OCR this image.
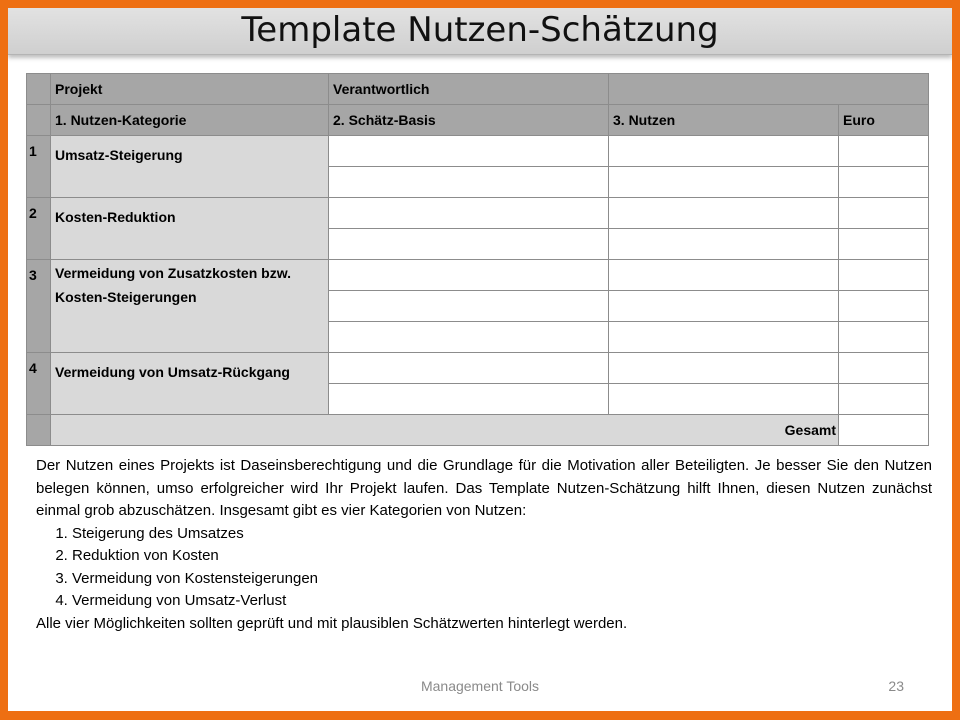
Template Nutzen-Schätzung
	Projekt	Verantwortlich		
	1. Nutzen-Kategorie	2. Schätz-Basis	3. Nutzen	Euro
1	Umsatz-Steigerung			

2	Kosten-Reduktion			

3	Vermeidung von Zusatzkosten bzw. Kosten-Steigerungen			

4	Vermeidung von Umsatz-Rückgang			

	Gesamt			

Der Nutzen eines Projekts ist Daseinsberechtigung und die Grundlage für die Motivation aller Beteiligten. Je besser Sie den Nutzen belegen können, umso erfolgreicher wird Ihr Projekt laufen. Das Template Nutzen-Schätzung hilft Ihnen, diesen Nutzen zunächst einmal grob abzuschätzen. Insgesamt gibt es vier Kategorien von Nutzen:

1. Steigerung des Umsatzes
2. Reduktion von Kosten
3. Vermeidung von Kostensteigerungen
4. Vermeidung von Umsatz-Verlust

Alle vier Möglichkeiten sollten geprüft und mit plausiblen Schätzwerten hinterlegt werden.

Management Tools	23
